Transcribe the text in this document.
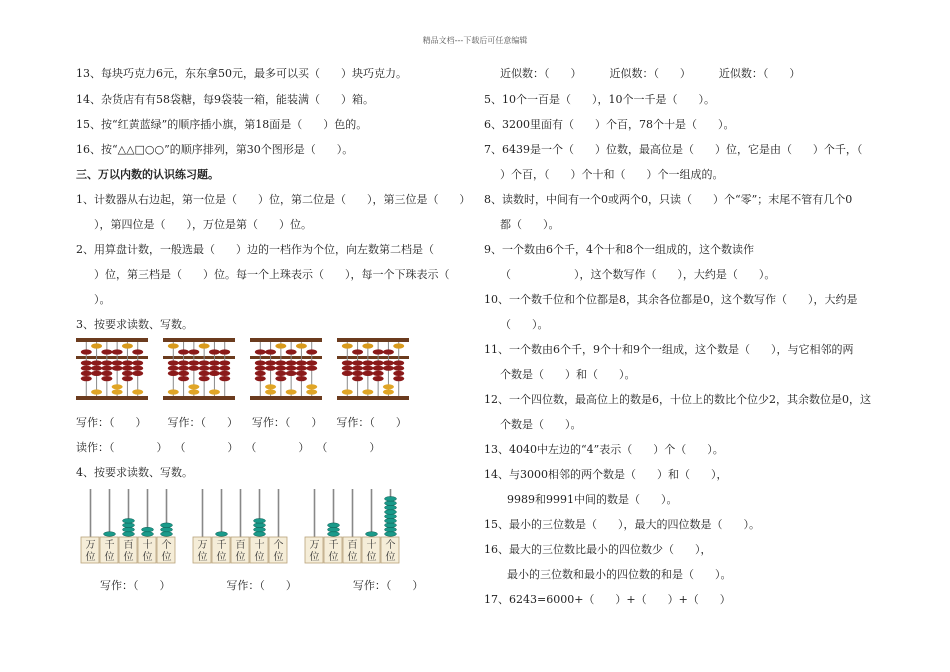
精品文档---下载后可任意编辑
13、每块巧克力6元，东东拿50元，最多可以买（      ）块巧克力。
14、杂货店有有58袋糖，每9袋装一箱，能装满（      ）箱。
15、按“红黄蓝绿”的顺序插小旗，第18面是（      ）色的。
16、按“△△□○○”的顺序排列，第30个图形是（      ）。
三、万以内数的认识练习题。
1、计数器从右边起，第一位是（      ）位，第二位是（      ），第三位是（      ）
），第四位是（      ），万位是第（      ）位。
2、用算盘计数，一般选最（      ）边的一档作为个位，向左数第二档是（
）位，第三档是（      ）位。每一个上珠表示（      ），每一个下珠表示（
）。
3、按要求读数、写数。
写作：（      ）      写作：（      ）    写作：（      ）    写作：（      ）
读作：（            ）  （            ）  （            ）  （            ）
4、按要求读数、写数。
万
位
千
位
百
位
十
位
个
位
万
位
千
位
百
位
十
位
个
位
万
位
千
位
百
位
十
位
个
位
写作：（      ）                写作：（      ）                写作：（      ）
近似数：（      ）        近似数：（      ）        近似数：（      ）
5、10个一百是（      ），10个一千是（      ）。
6、3200里面有（      ）个百，78个十是（      ）。
7、6439是一个（      ）位数，最高位是（      ）位，它是由（      ）个千，（
）个百，（      ）个十和（      ）个一组成的。
8、读数时，中间有一个0或两个0，只读（      ）个“零”；末尾不管有几个0
都（      ）。
9、一个数由6个千，4个十和8个一组成的，这个数读作
（                  ），这个数写作（      ），大约是（      ）。
10、一个数千位和个位都是8，其余各位都是0，这个数写作（      ），大约是
（      ）。
11、一个数由6个千，9个十和9个一组成，这个数是（      ），与它相邻的两
个数是（      ）和（      ）。
12、一个四位数，最高位上的数是6，十位上的数比个位少2，其余数位是0，这
个数是（      ）。
13、4040中左边的“4”表示（      ）个（      ）。
14、与3000相邻的两个数是（      ）和（      ），
9989和9991中间的数是（      ）。
15、最小的三位数是（      ），最大的四位数是（      ）。
16、最大的三位数比最小的四位数少（      ），
最小的三位数和最小的四位数的和是（      ）。
17、6243=6000+（      ）+（      ）+（      ）
